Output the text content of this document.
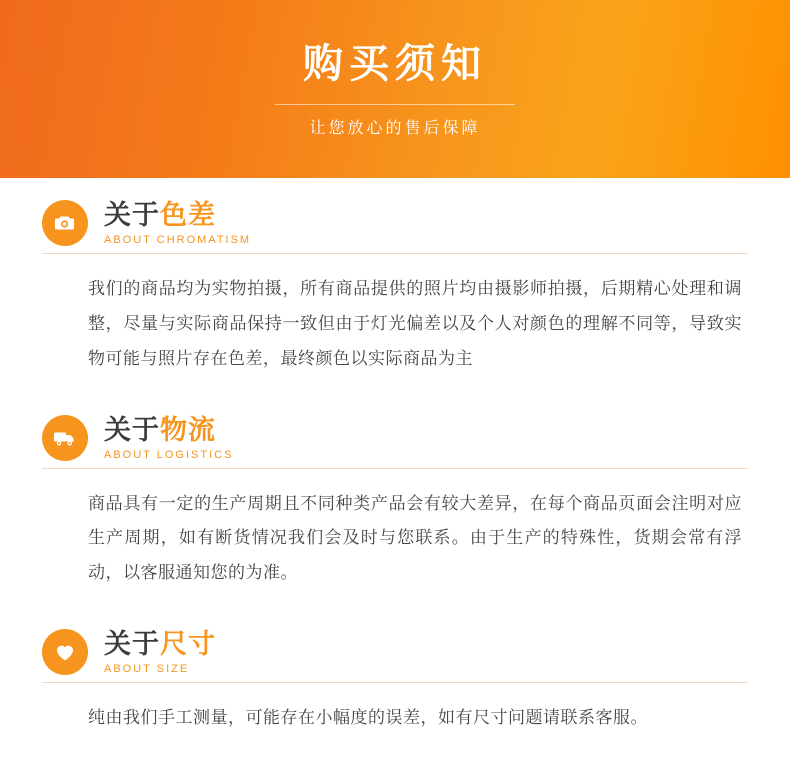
购买须知
让您放心的售后保障
关于色差
ABOUT CHROMATISM
我们的商品均为实物拍摄，所有商品提供的照片均由摄影师拍摄，后期精心处理和调整，尽量与实际商品保持一致但由于灯光偏差以及个人对颜色的理解不同等，导致实物可能与照片存在色差，最终颜色以实际商品为主
关于物流
ABOUT LOGISTICS
商品具有一定的生产周期且不同种类产品会有较大差异，在每个商品页面会注明对应生产周期，如有断货情况我们会及时与您联系。由于生产的特殊性，货期会常有浮动，以客服通知您的为准。
关于尺寸
ABOUT SIZE
纯由我们手工测量，可能存在小幅度的误差，如有尺寸问题请联系客服。
